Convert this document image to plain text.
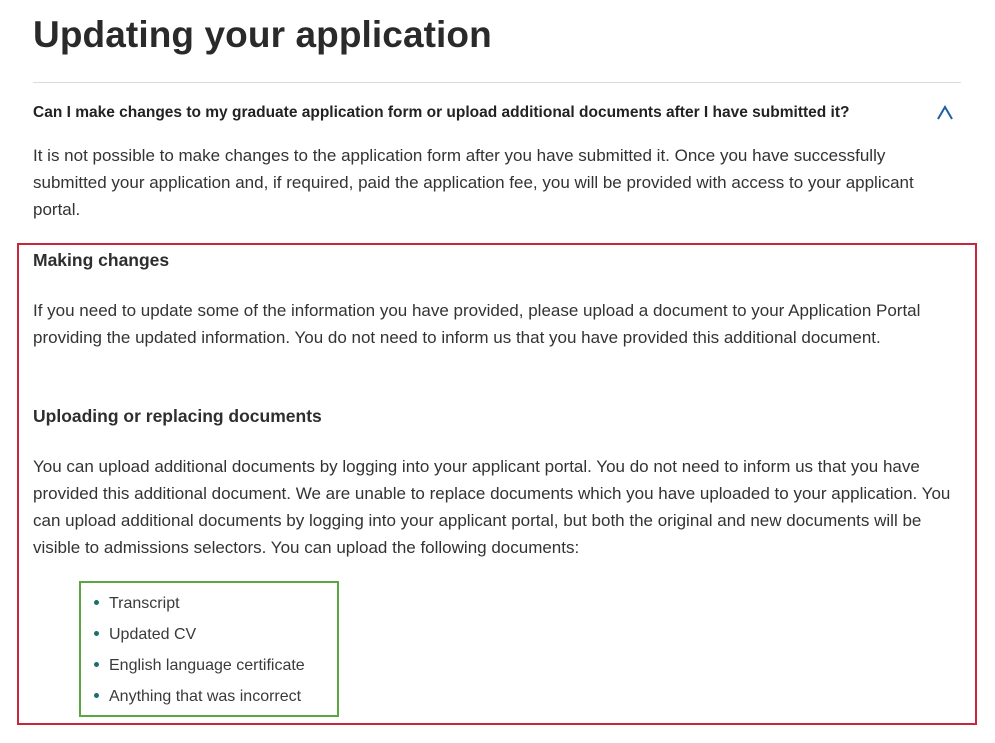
Updating your application
Can I make changes to my graduate application form or upload additional documents after I have submitted it?

It is not possible to make changes to the application form after you have submitted it. Once you have successfully submitted your application and, if required, paid the application fee, you will be provided with access to your applicant portal.

Making changes

If you need to update some of the information you have provided, please upload a document to your Application Portal providing the updated information. You do not need to inform us that you have provided this additional document.

Uploading or replacing documents

You can upload additional documents by logging into your applicant portal. You do not need to inform us that you have provided this additional document. We are unable to replace documents which you have uploaded to your application. You can upload additional documents by logging into your applicant portal, but both the original and new documents will be visible to admissions selectors. You can upload the following documents:

Transcript
Updated CV
English language certificate
Anything that was incorrect
